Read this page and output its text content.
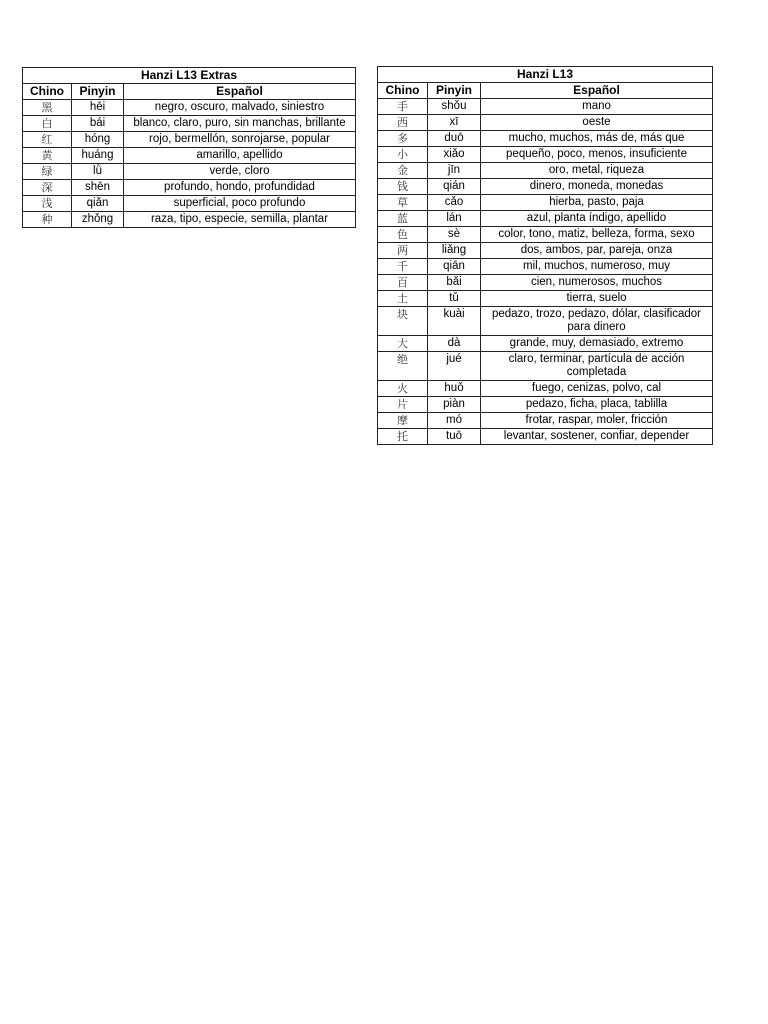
Hanzi L13 Extras		
Chino	Pinyin	Español
黑	hēi	negro, oscuro, malvado, siniestro
白	bái	blanco, claro, puro, sin manchas, brillante
红	hóng	rojo, bermellón, sonrojarse, popular
黄	huáng	amarillo, apellido
绿	lǜ	verde, cloro
深	shēn	profundo, hondo, profundidad
浅	qiǎn	superficial, poco profundo
种	zhǒng	raza, tipo, especie, semilla, plantar
Hanzi L13		
Chino	Pinyin	Español
手	shǒu	mano
西	xī	oeste
多	duō	mucho, muchos, más de, más que
小	xiǎo	pequeño, poco, menos, insuficiente
金	jīn	oro, metal, riqueza
钱	qián	dinero, moneda, monedas
草	cǎo	hierba, pasto, paja
蓝	lán	azul, planta índigo, apellido
色	sè	color, tono, matiz, belleza, forma, sexo
两	liǎng	dos, ambos, par, pareja, onza
千	qiān	mil, muchos, numeroso, muy
百	bǎi	cien, numerosos, muchos
土	tǔ	tierra, suelo
块	kuài	pedazo, trozo, pedazo, dólar, clasificador para dinero
大	dà	grande, muy, demasiado, extremo
绝	jué	claro, terminar, partícula de acción completada
火	huǒ	fuego, cenizas, polvo, cal
片	piàn	pedazo, ficha, placa, tablilla
摩	mó	frotar, raspar, moler, fricción
托	tuō	levantar, sostener, confiar, depender
